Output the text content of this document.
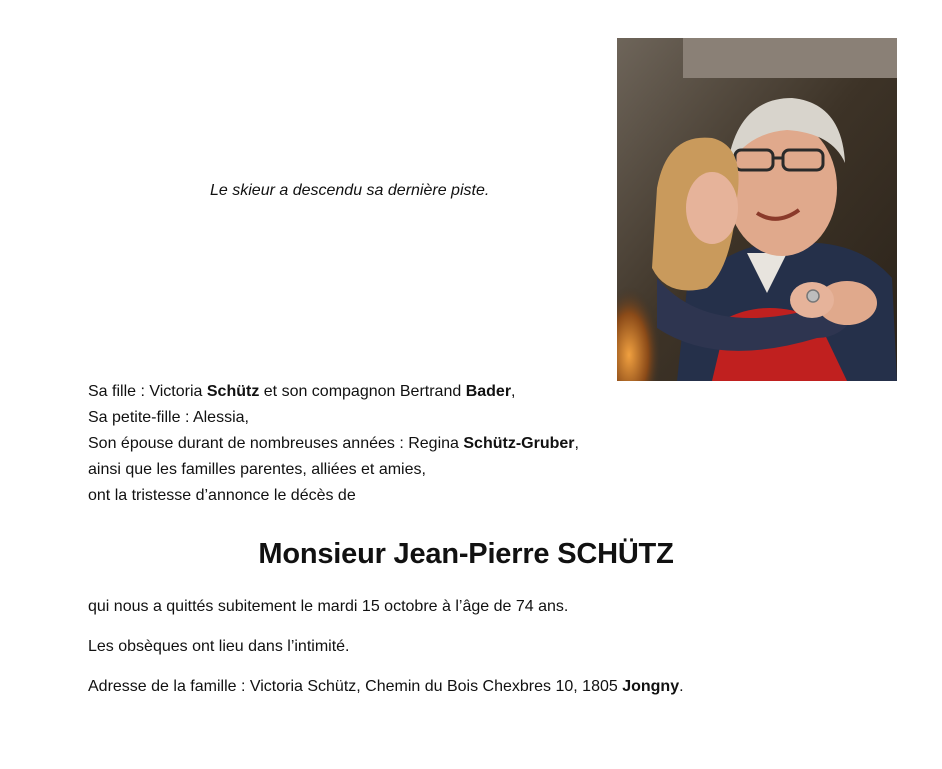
Le skieur a descendu sa dernière piste.
Sa fille : Victoria Schütz et son compagnon Bertrand Bader,
Sa petite-fille : Alessia,
Son épouse durant de nombreuses années : Regina Schütz-Gruber,
ainsi que les familles parentes, alliées et amies,
ont la tristesse d’annonce le décès de
Monsieur Jean-Pierre SCHÜTZ
qui nous a quittés subitement le mardi 15 octobre à l’âge de 74 ans.
Les obsèques ont lieu dans l’intimité.
Adresse de la famille : Victoria Schütz, Chemin du Bois Chexbres 10, 1805 Jongny.
